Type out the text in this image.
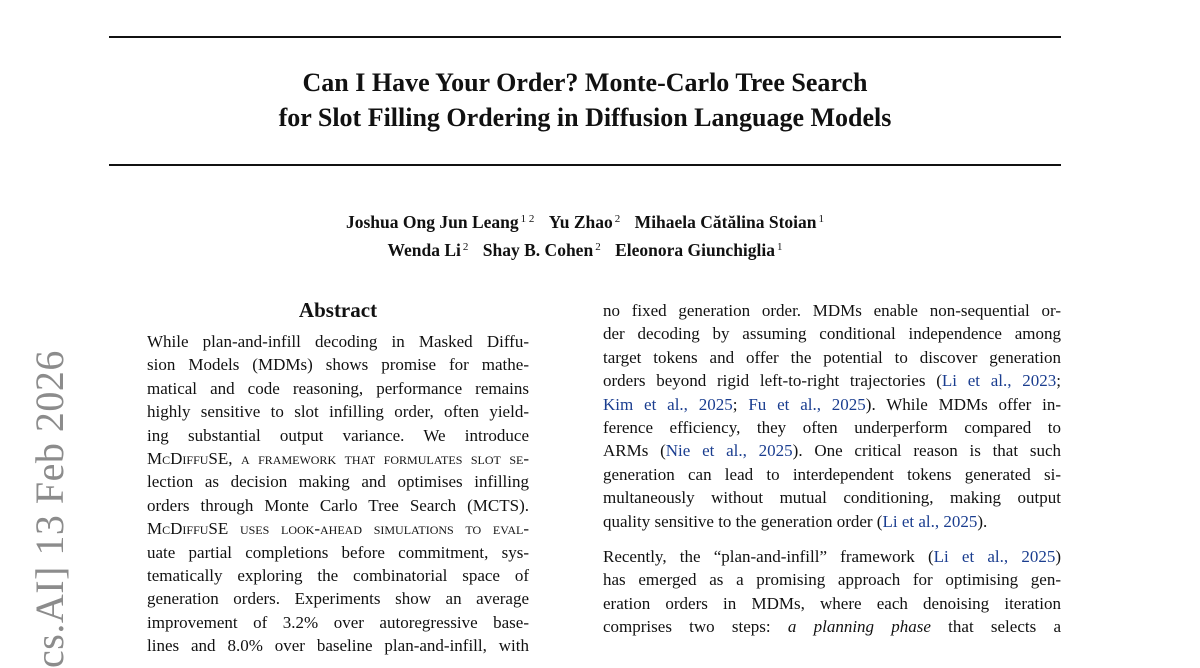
Can I Have Your Order? Monte-Carlo Tree Search
for Slot Filling Ordering in Diffusion Language Models
Joshua Ong Jun Leang $^{1 2}$ Yu Zhao $^2$ Mihaela Cătălina Stoian $^1$
Wenda Li $^2$ Shay B. Cohen $^2$ Eleonora Giunchiglia $^1$
cs.AI] 13 Feb 2026
Abstract
While plan-and-infill decoding in Masked Diffu-
sion Models (MDMs) shows promise for mathe-
matical and code reasoning, performance remains
highly sensitive to slot infilling order, often yield-
ing substantial output variance. We introduce
McDiffuSE, a framework that formulates slot se-
lection as decision making and optimises infilling
orders through Monte Carlo Tree Search (MCTS).
McDiffuSE uses look-ahead simulations to eval-
uate partial completions before commitment, sys-
tematically exploring the combinatorial space of
generation orders. Experiments show an average
improvement of 3.2% over autoregressive base-
lines and 8.0% over baseline plan-and-infill, with
no fixed generation order. MDMs enable non-sequential or-
der decoding by assuming conditional independence among
target tokens and offer the potential to discover generation
orders beyond rigid left-to-right trajectories (Li et al., 2023;
Kim et al., 2025; Fu et al., 2025). While MDMs offer in-
ference efficiency, they often underperform compared to
ARMs (Nie et al., 2025). One critical reason is that such
generation can lead to interdependent tokens generated si-
multaneously without mutual conditioning, making output
quality sensitive to the generation order (Li et al., 2025).
Recently, the “plan-and-infill” framework (Li et al., 2025)
has emerged as a promising approach for optimising gen-
eration orders in MDMs, where each denoising iteration
comprises two steps: a planning phase that selects a
